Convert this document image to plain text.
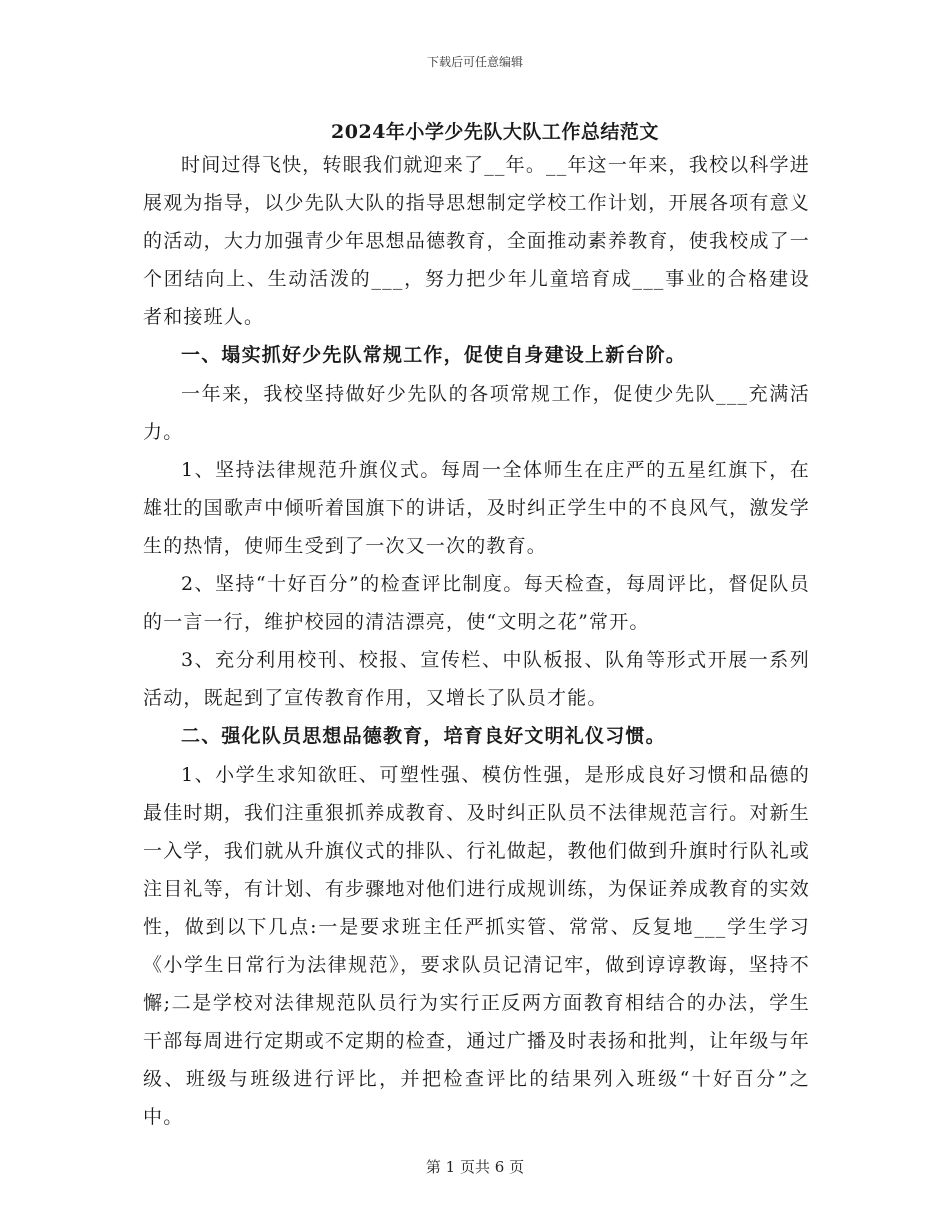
下载后可任意编辑
2024年小学少先队大队工作总结范文

时间过得飞快，转眼我们就迎来了__年。__年这一年来，我校以科学进展观为指导，以少先队大队的指导思想制定学校工作计划，开展各项有意义的活动，大力加强青少年思想品德教育，全面推动素养教育，使我校成了一个团结向上、生动活泼的___，努力把少年儿童培育成___事业的合格建设者和接班人。

一、塌实抓好少先队常规工作，促使自身建设上新台阶。

一年来，我校坚持做好少先队的各项常规工作，促使少先队___充满活力。

1、坚持法律规范升旗仪式。每周一全体师生在庄严的五星红旗下，在雄壮的国歌声中倾听着国旗下的讲话，及时纠正学生中的不良风气，激发学生的热情，使师生受到了一次又一次的教育。

2、坚持“十好百分”的检查评比制度。每天检查，每周评比，督促队员的一言一行，维护校园的清洁漂亮，使“文明之花”常开。

3、充分利用校刊、校报、宣传栏、中队板报、队角等形式开展一系列活动，既起到了宣传教育作用，又增长了队员才能。

二、强化队员思想品德教育，培育良好文明礼仪习惯。

1、小学生求知欲旺、可塑性强、模仿性强，是形成良好习惯和品德的最佳时期，我们注重狠抓养成教育、及时纠正队员不法律规范言行。对新生一入学，我们就从升旗仪式的排队、行礼做起，教他们做到升旗时行队礼或注目礼等，有计划、有步骤地对他们进行成规训练，为保证养成教育的实效性，做到以下几点:一是要求班主任严抓实管、常常、反复地___学生学习《小学生日常行为法律规范》，要求队员记清记牢，做到谆谆教诲，坚持不懈;二是学校对法律规范队员行为实行正反两方面教育相结合的办法，学生干部每周进行定期或不定期的检查，通过广播及时表扬和批判，让年级与年级、班级与班级进行评比，并把检查评比的结果列入班级“十好百分”之中。

第 1 页共 6 页
